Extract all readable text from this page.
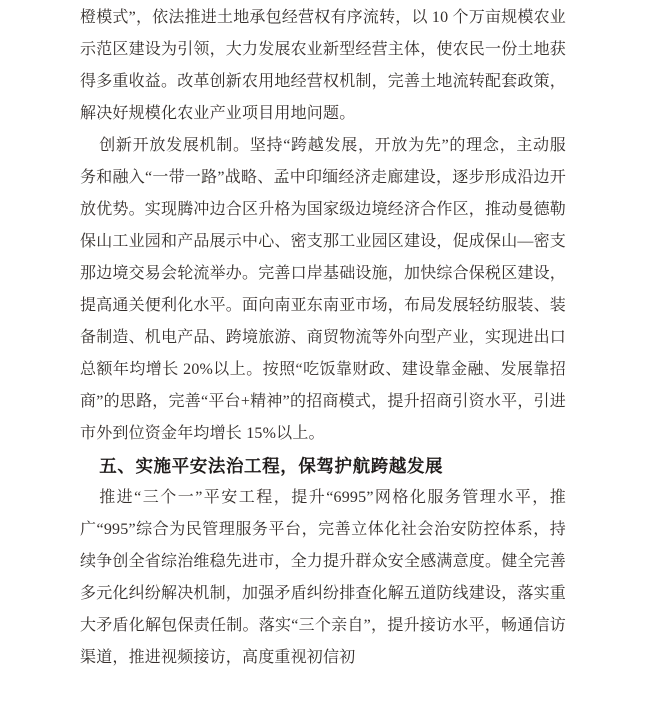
橙模式”，依法推进土地承包经营权有序流转，以 10 个万亩规模农业示范区建设为引领，大力发展农业新型经营主体，使农民一份土地获得多重收益。改革创新农用地经营权机制，完善土地流转配套政策，解决好规模化农业产业项目用地问题。

创新开放发展机制。坚持“跨越发展，开放为先”的理念，主动服务和融入“一带一路”战略、孟中印缅经济走廊建设，逐步形成沿边开放优势。实现腾冲边合区升格为国家级边境经济合作区，推动曼德勒保山工业园和产品展示中心、密支那工业园区建设，促成保山—密支那边境交易会轮流举办。完善口岸基础设施，加快综合保税区建设，提高通关便利化水平。面向南亚东南亚市场，布局发展轻纺服装、装备制造、机电产品、跨境旅游、商贸物流等外向型产业，实现进出口总额年均增长 20%以上。按照“吃饭靠财政、建设靠金融、发展靠招商”的思路，完善“平台+精神”的招商模式，提升招商引资水平，引进市外到位资金年均增长 15%以上。

五、实施平安法治工程，保驾护航跨越发展

推进“三个一”平安工程，提升“6995”网格化服务管理水平，推广“995”综合为民管理服务平台，完善立体化社会治安防控体系，持续争创全省综治维稳先进市，全力提升群众安全感满意度。健全完善多元化纠纷解决机制，加强矛盾纠纷排查化解五道防线建设，落实重大矛盾化解包保责任制。落实“三个亲自”，提升接访水平，畅通信访渠道，推进视频接访，高度重视初信初
